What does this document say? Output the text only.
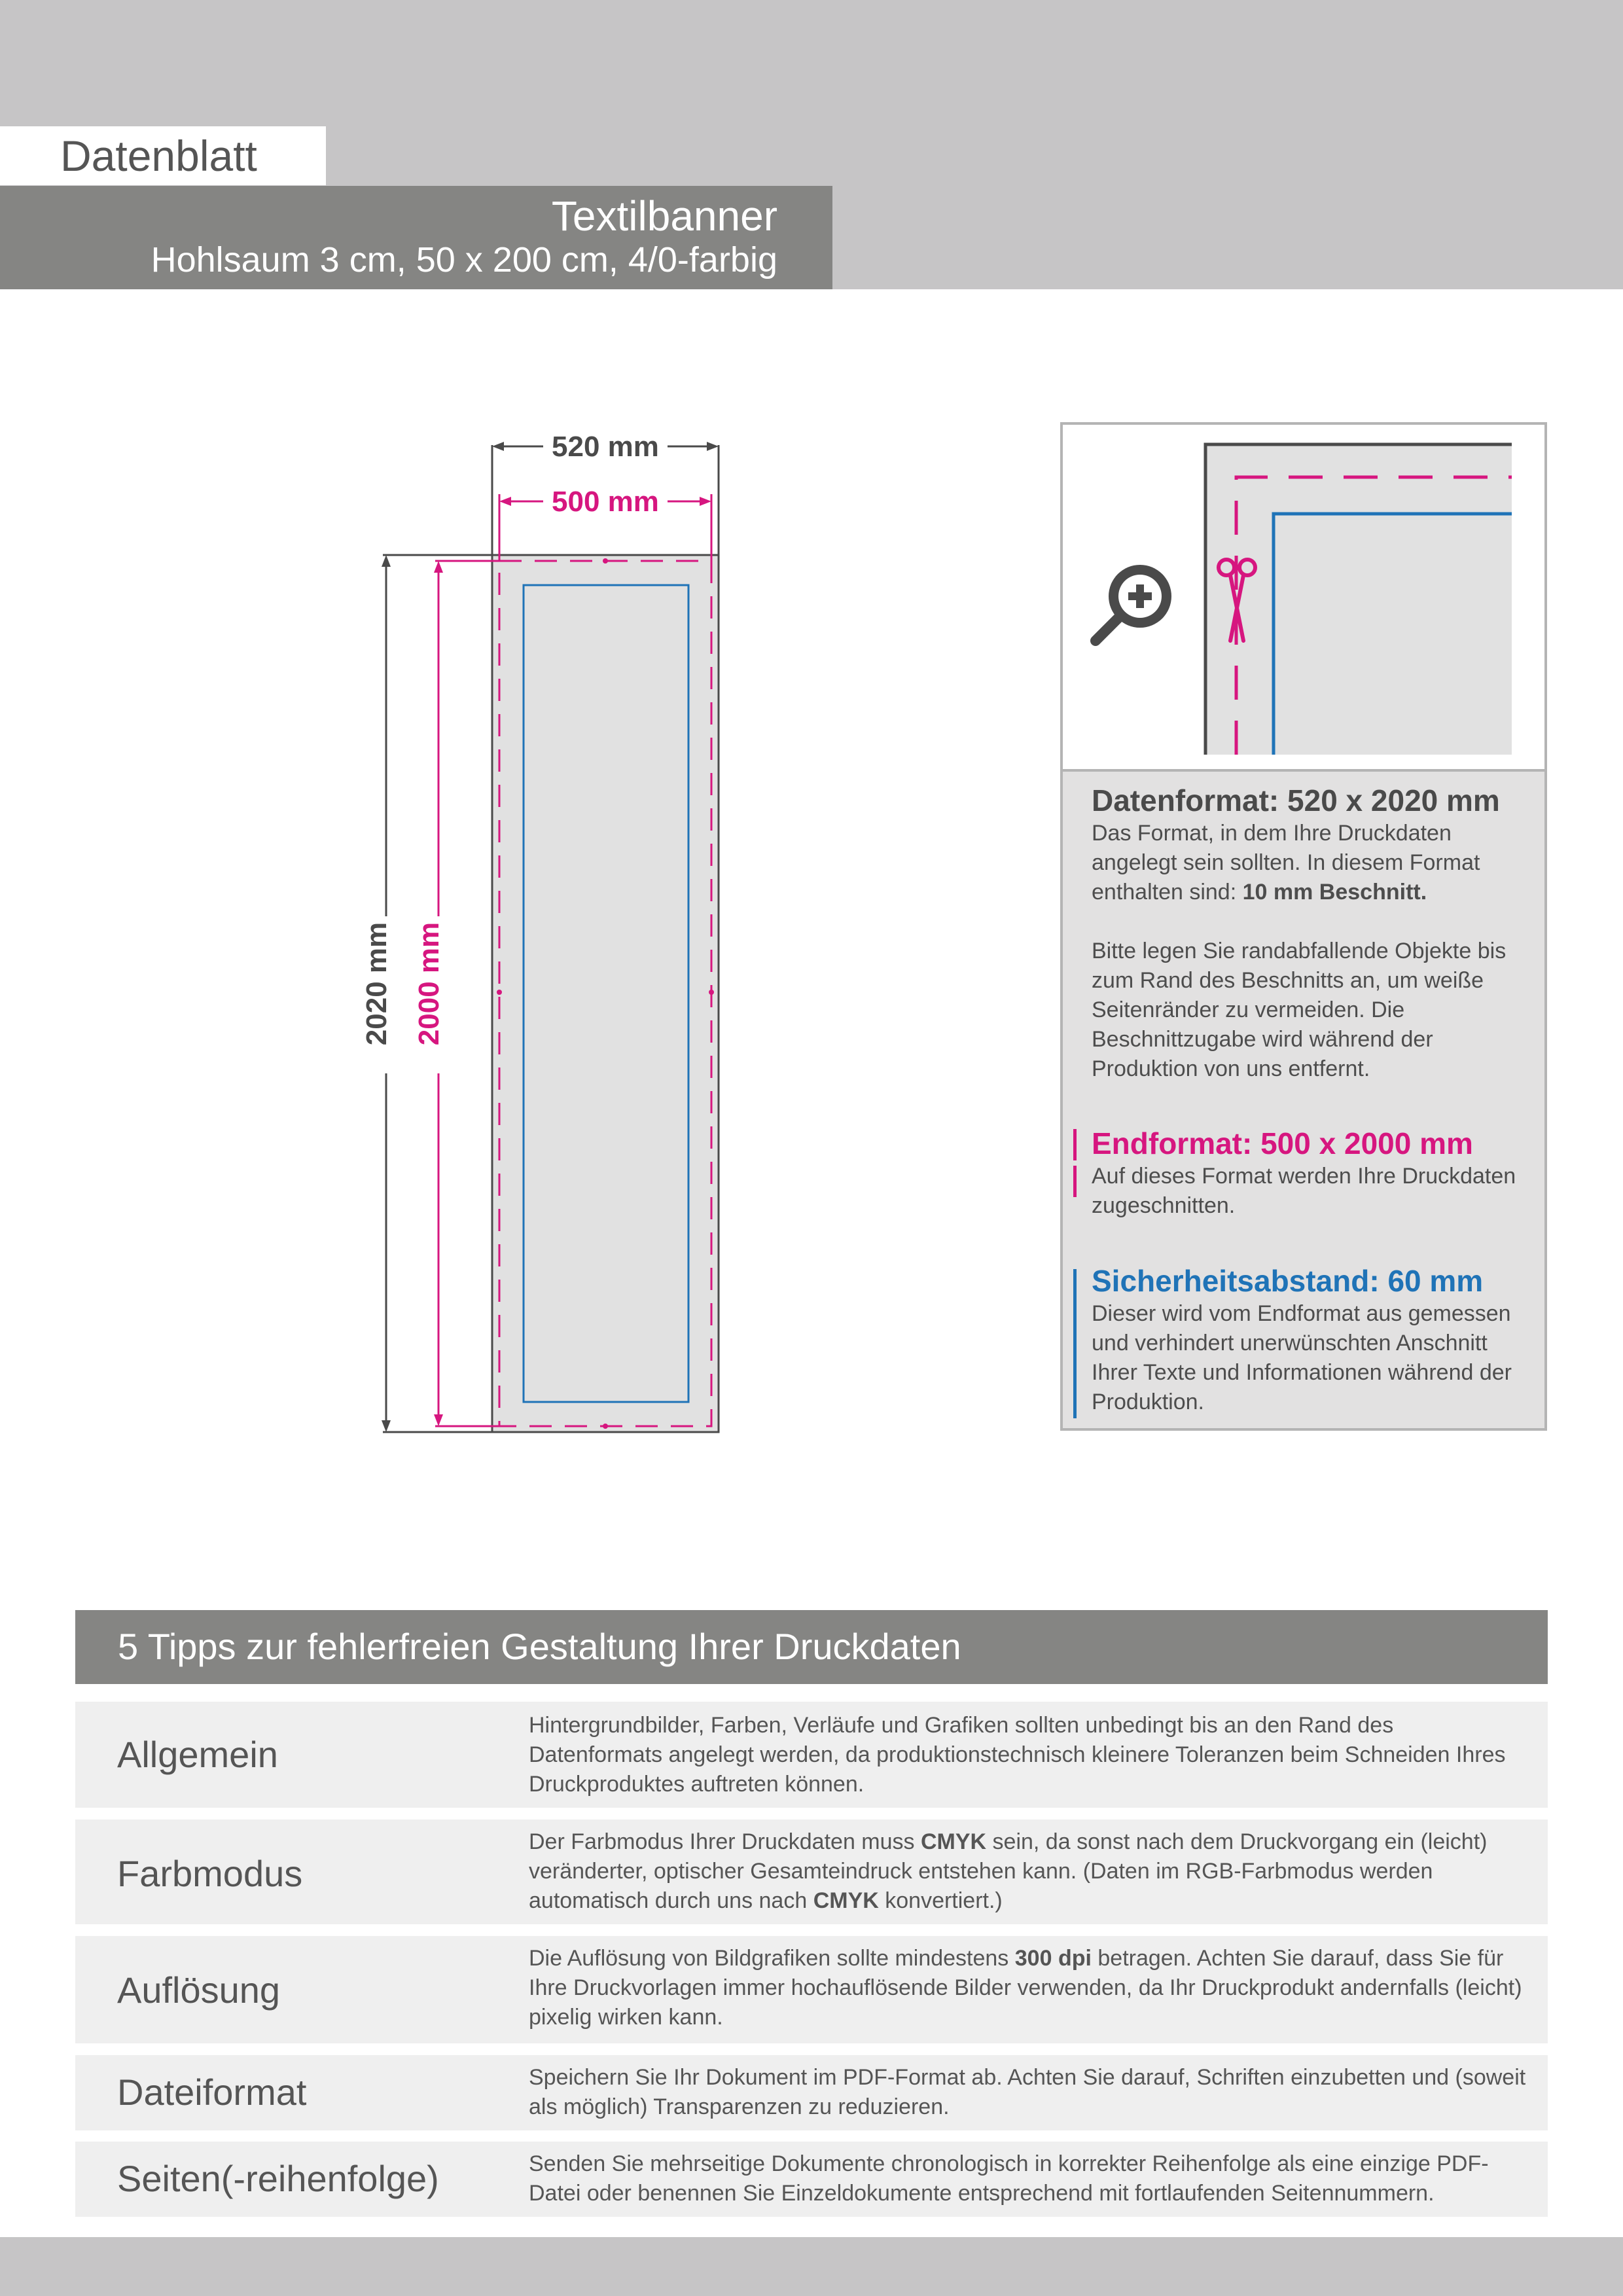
Datenblatt
Textilbanner
Hohlsaum 3 cm, 50 x 200 cm, 4/0-farbig
520 mm
500 mm
2020 mm 2000 mm
Datenformat: 520 x 2020 mm
Das Format, in dem Ihre Druckdaten angelegt sein sollten. In diesem Format enthalten sind: 10 mm Beschnitt.
Bitte legen Sie randabfallende Objekte bis zum Rand des Beschnitts an, um weiße Seitenränder zu vermeiden. Die Beschnittzugabe wird während der Produktion von uns entfernt.
Endformat: 500 x 2000 mm
Auf dieses Format werden Ihre Druckdaten zugeschnitten.
Sicherheitsabstand: 60 mm
Dieser wird vom Endformat aus gemessen und verhindert unerwünschten Anschnitt Ihrer Texte und Informationen während der Produktion.
5 Tipps zur fehlerfreien Gestaltung Ihrer Druckdaten
Allgemein
Hintergrundbilder, Farben, Verläufe und Grafiken sollten unbedingt bis an den Rand des Datenformats angelegt werden, da produktionstechnisch kleinere Toleranzen beim Schneiden Ihres Druckproduktes auftreten können.
Farbmodus
Der Farbmodus Ihrer Druckdaten muss CMYK sein, da sonst nach dem Druckvorgang ein (leicht) veränderter, optischer Gesamteindruck entstehen kann. (Daten im RGB-Farbmodus werden automatisch durch uns nach CMYK konvertiert.)
Auflösung
Die Auflösung von Bildgrafiken sollte mindestens 300 dpi betragen. Achten Sie darauf, dass Sie für Ihre Druckvorlagen immer hochauflösende Bilder verwenden, da Ihr Druckprodukt andernfalls (leicht) pixelig wirken kann.
Dateiformat	Speichern Sie Ihr Dokument im PDF-Format ab. Achten Sie darauf, Schriften einzubetten und (soweit als möglich) Transparenzen zu reduzieren.
Seiten(-reihenfolge)	Senden Sie mehrseitige Dokumente chronologisch in korrekter Reihenfolge als eine einzige PDF-Datei oder benennen Sie Einzeldokumente entsprechend mit fortlaufenden Seitennummern.
